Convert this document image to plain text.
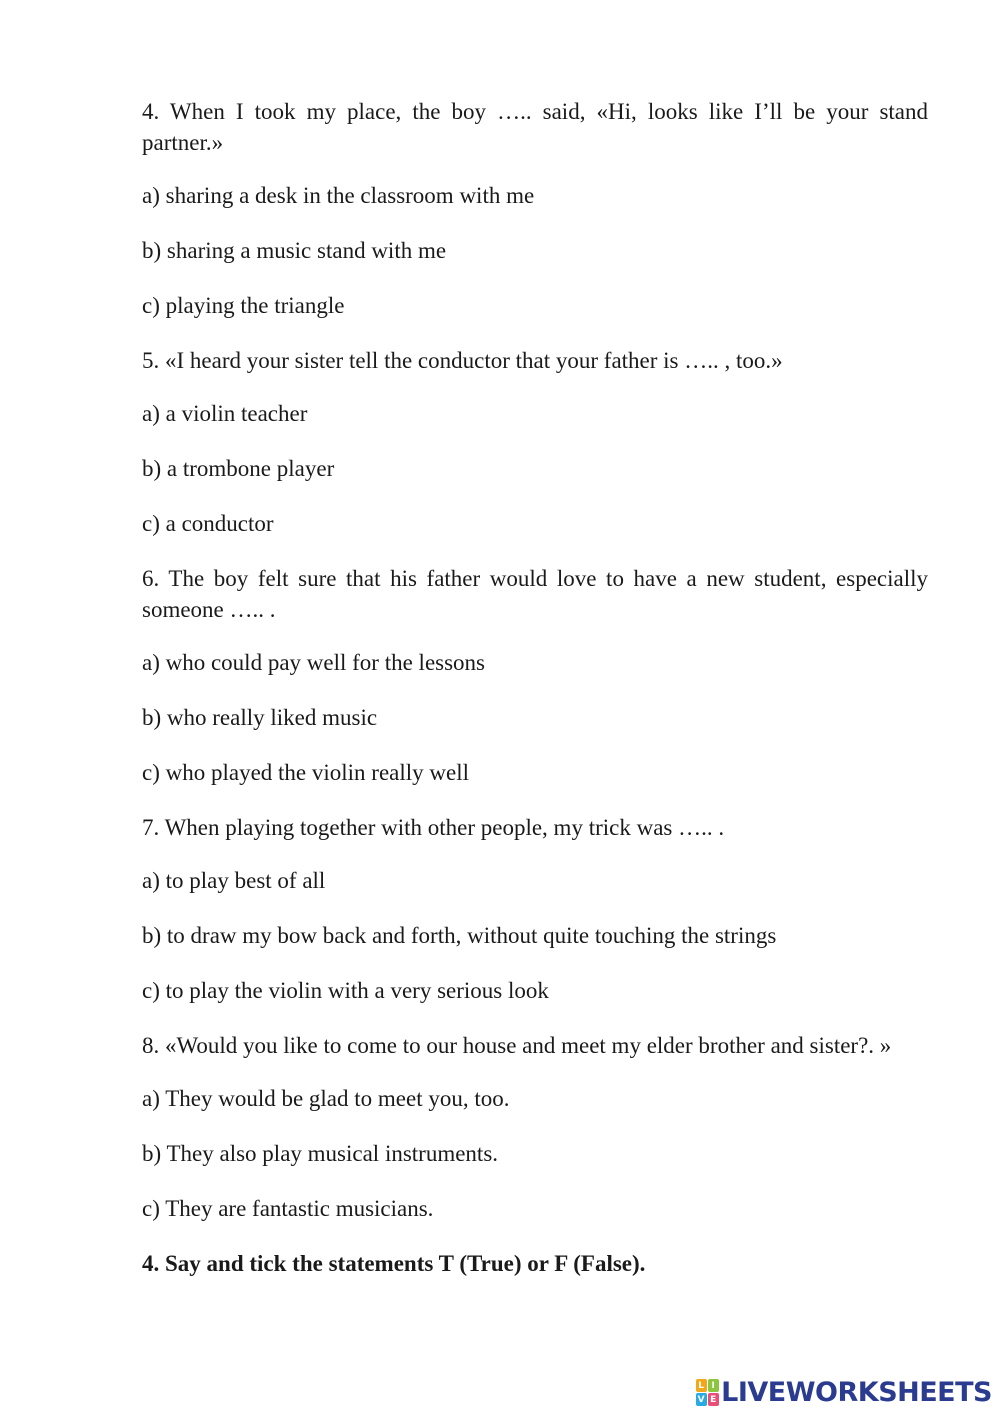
4. When I took my place, the boy ….. said, «Hi, looks like I’ll be your stand partner.»

a) sharing a desk in the classroom with me

b) sharing a music stand with me

c) playing the triangle

5. «I heard your sister tell the conductor that your father is ….. , too.»

a) a violin teacher

b) a trombone player

c) a conductor

6. The boy felt sure that his father would love to have a new student, especially someone ….. .

a) who could pay well for the lessons

b) who really liked music

c) who played the violin really well

7. When playing together with other people, my trick was ….. .

a) to play best of all

b) to draw my bow back and forth, without quite touching the strings

c) to play the violin with a very serious look

8. «Would you like to come to our house and meet my elder brother and sister?. »

a) They would be glad to meet you, too.

b) They also play musical instruments.

c) They are fantastic musicians.

4. Say and tick the statements T (True) or F (False).

L I
V E LIVEWORKSHEETS
